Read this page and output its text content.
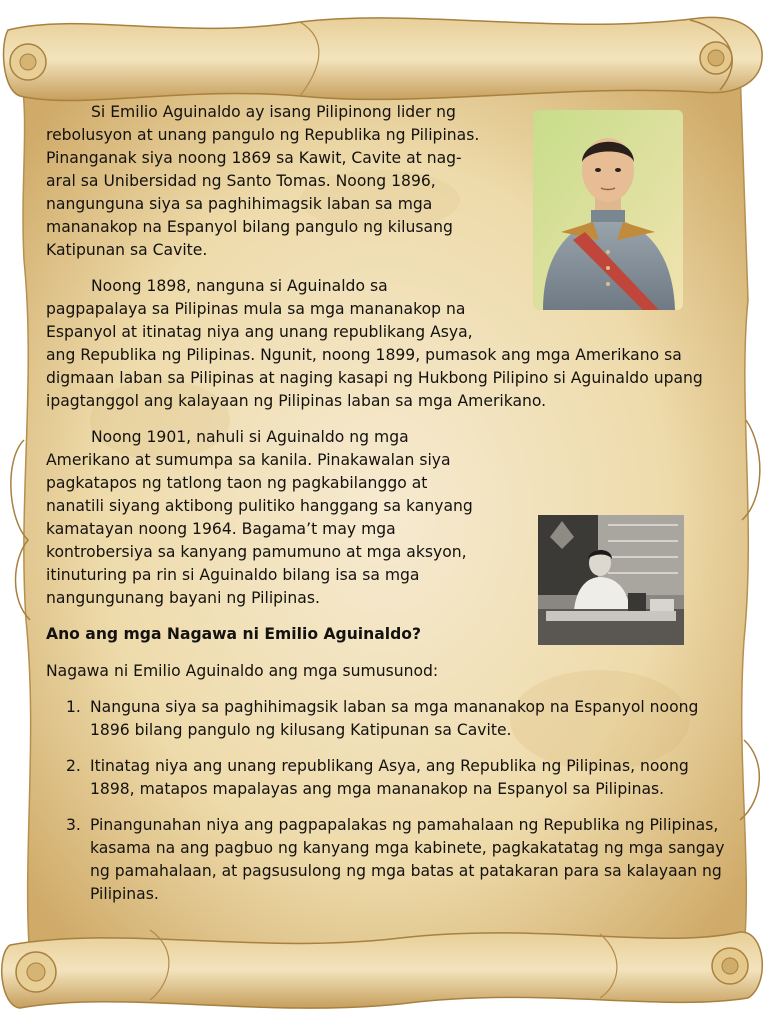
Si Emilio Aguinaldo ay isang Pilipinong lider ng rebolusyon at unang pangulo ng Republika ng Pilipinas. Pinanganak siya noong 1869 sa Kawit, Cavite at nag-aral sa Unibersidad ng Santo Tomas. Noong 1896, nangunguna siya sa paghihimagsik laban sa mga mananakop na Espanyol bilang pangulo ng kilusang Katipunan sa Cavite.

Noong 1898, nanguna si Aguinaldo sa pagpapalaya sa Pilipinas mula sa mga mananakop na Espanyol at itinatag niya ang unang republikang Asya, ang Republika ng Pilipinas. Ngunit, noong 1899, pumasok ang mga Amerikano sa digmaan laban sa Pilipinas at naging kasapi ng Hukbong Pilipino si Aguinaldo upang ipagtanggol ang kalayaan ng Pilipinas laban sa mga Amerikano.

Noong 1901, nahuli si Aguinaldo ng mga Amerikano at sumumpa sa kanila. Pinakawalan siya pagkatapos ng tatlong taon ng pagkabilanggo at nanatili siyang aktibong pulitiko hanggang sa kanyang kamatayan noong 1964. Bagama’t may mga kontrobersiya sa kanyang pamumuno at mga aksyon, itinuturing pa rin si Aguinaldo bilang isa sa mga nangungunang bayani ng Pilipinas.

Ano ang mga Nagawa ni Emilio Aguinaldo?

Nagawa ni Emilio Aguinaldo ang mga sumusunod:

1. Nanguna siya sa paghihimagsik laban sa mga mananakop na Espanyol noong 1896 bilang pangulo ng kilusang Katipunan sa Cavite.
2. Itinatag niya ang unang republikang Asya, ang Republika ng Pilipinas, noong 1898, matapos mapalayas ang mga mananakop na Espanyol sa Pilipinas.
3. Pinangunahan niya ang pagpapalakas ng pamahalaan ng Republika ng Pilipinas, kasama na ang pagbuo ng kanyang mga kabinete, pagkakatatag ng mga sangay ng pamahalaan, at pagsusulong ng mga batas at patakaran para sa kalayaan ng Pilipinas.
